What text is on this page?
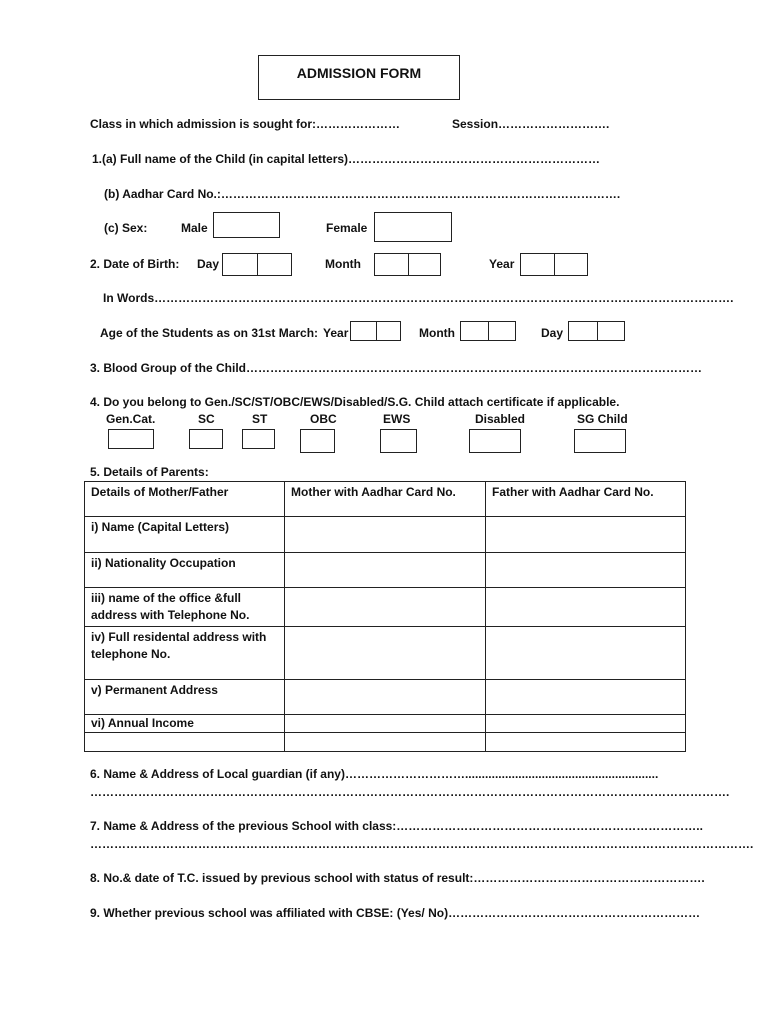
ADMISSION FORM
Class in which admission is sought for:…………………	Session……………………….
1.(a) Full name of the Child (in capital letters)………………………………………………………
(b) Aadhar Card No.:……………………………………………………………………………………….
(c) Sex:	Male	Female
2. Date of Birth: Day	Month	Year
In Words……………………………………………………………………………………………………………………………….
Age of the Students as on 31st March: Year	Month	Day
3. Blood Group of the Child……………………………………………………………………………………………………
4. Do you belong to Gen./SC/ST/OBC/EWS/Disabled/S.G. Child attach certificate if applicable.
Gen.Cat.	SC	ST	OBC	EWS	Disabled	SG Child
5. Details of Parents:
Details of Mother/Father	Mother with Aadhar Card No.	Father with Aadhar Card No.
i) Name (Capital Letters)		
ii) Nationality Occupation		
iii) name of the office &full address with Telephone No.		
iv) Full residental address with telephone No.		
v) Permanent Address		
vi) Annual Income		

6. Name & Address of Local guardian (if any)…………………………..........................................................
…………………………………………………………………………………………………………………………………………….
7. Name & Address of the previous School with class:…………………………………………………………………..
………………………………………………………………………………………………………………………………………………….
8. No.& date of T.C. issued by previous school with status of result:………………………………………………….
9. Whether previous school was affiliated with CBSE: (Yes/ No)………………………………………………………
